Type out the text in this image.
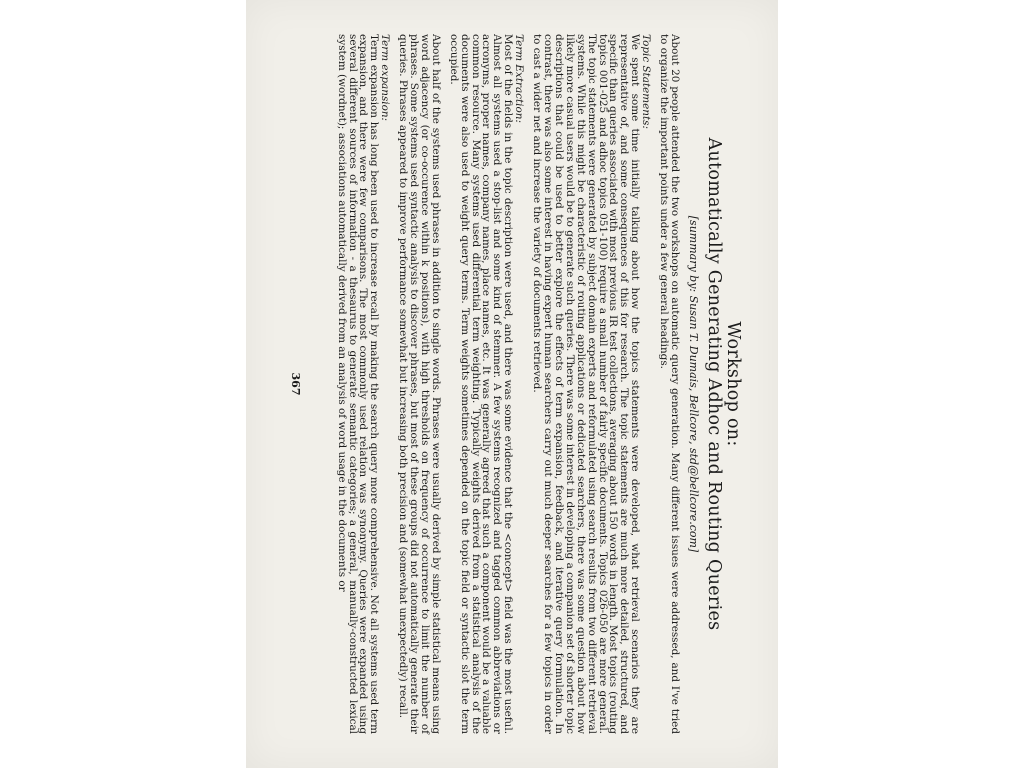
Workshop on:
Automatically Generating Adhoc and Routing Queries
[summary by: Susan T. Dumais, Bellcore, std@bellcore.com]

About 20 people attended the two workshops on automatic query generation. Many different issues were addressed, and I've tried to organize the important points under a few general headings.

Topic Statements:
We spent some time initially talking about how the topics statements were developed, what retrieval scenarios they are representative of, and some consequences of this for research. The topic statements are much more detailed, structured, and specific than queries associated with most previous IR test collections, averaging about 150 words in length. Most topics (routing topics 001-025 and adhoc topics 051-100) require a small number of fairly specific documents. Topics 026-050 are more general. The topic statements were generated by subject domain experts and reformulated using search results from two different retrieval systems. While this might be characteristic of routing applications or dedicated searchers, there was some question about how likely more casual users would be to generate such queries. There was some interest in developing a companion set of shorter topic descriptions that could be used to better explore the effects of term expansion, feedback, and iterative query formulation. In contrast, there was also some interest in having expert human searchers carry out much deeper searches for a few topics in order to cast a wider net and increase the variety of documents retrieved.

Term Extraction:
Most of the fields in the topic description were used, and there was some evidence that the <concept> field was the most useful. Almost all systems used a stop-list and some kind of stemmer. A few systems recognized and tagged common abbreviations or acronyms, proper names, company names, place names, etc. It was generally agreed that such a component would be a valuable common resource. Many systems used differential term weighting. Typically weights derived from a statistical analysis of the documents were also used to weight query terms. Term weights sometimes depended on the topic field or syntactic slot the term occupied.

About half of the systems used phrases in addition to single words. Phrases were usually derived by simple statistical means using word adjacency (or co-occurence within k positions), with high thresholds on frequency of occurrence to limit the number of phrases. Some systems used syntactic analysis to discover phrases, but most of these groups did not automatically generate their queries. Phrases appeared to improve performance somewhat but increasing both precision and (somewhat unexpectedly) recall.

Term expansion:
Term expansion has long been used to increase recall by making the search query more comprehensive. Not all systems used term expansion, and there were few comparisons. The most commonly used relation was synonymy. Queries were expanded using several different sources of information - a thesaurus to generate semantic categories; a general, manually-constructed lexical system (wordnet); associations automatically derived from an analysis of word usage in the documents or

367
